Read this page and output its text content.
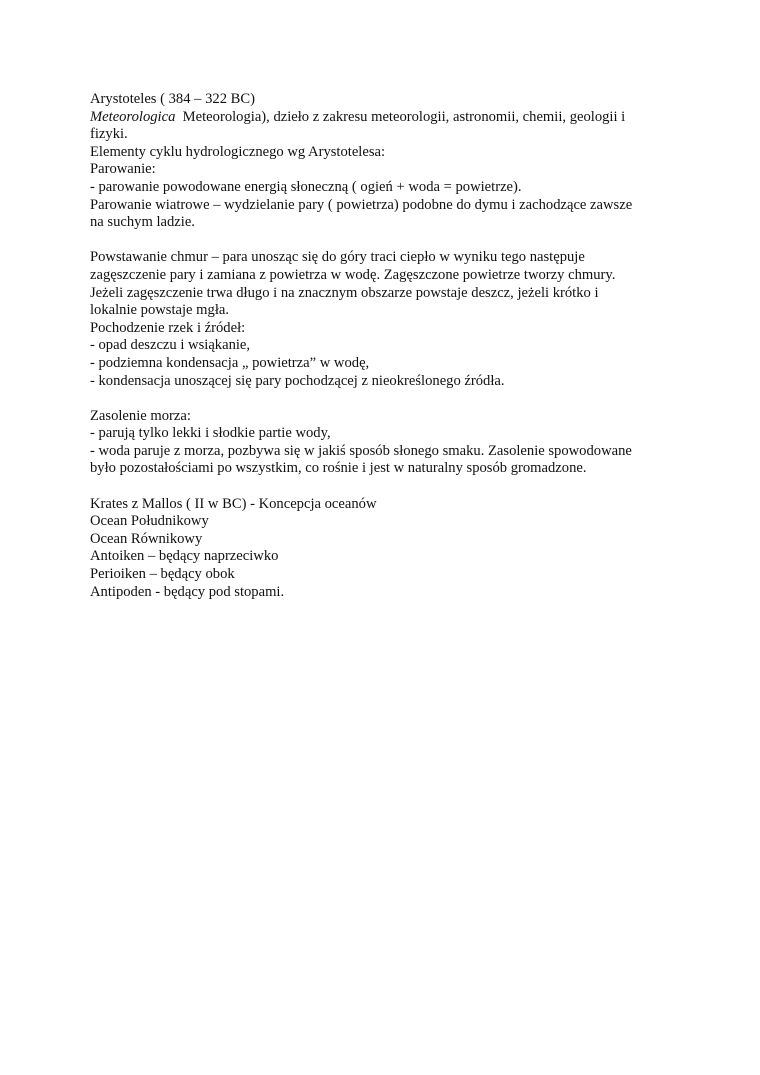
Arystoteles ( 384 – 322 BC)
Meteorologica  Meteorologia), dzieło z zakresu meteorologii, astronomii, chemii, geologii i
fizyki.
Elementy cyklu hydrologicznego wg Arystotelesa:
Parowanie:
- parowanie powodowane energią słoneczną ( ogień + woda = powietrze).
Parowanie wiatrowe – wydzielanie pary ( powietrza) podobne do dymu i zachodzące zawsze
na suchym ladzie.
Powstawanie chmur – para unosząc się do góry traci ciepło w wyniku tego następuje
zagęszczenie pary i zamiana z powietrza w wodę. Zagęszczone powietrze tworzy chmury.
Jeżeli zagęszczenie trwa długo i na znacznym obszarze powstaje deszcz, jeżeli krótko i
lokalnie powstaje mgła.
Pochodzenie rzek i źródeł:
- opad deszczu i wsiąkanie,
- podziemna kondensacja „ powietrza” w wodę,
- kondensacja unoszącej się pary pochodzącej z nieokreślonego źródła.
Zasolenie morza:
- parują tylko lekki i słodkie partie wody,
- woda paruje z morza, pozbywa się w jakiś sposób słonego smaku. Zasolenie spowodowane
było pozostałościami po wszystkim, co rośnie i jest w naturalny sposób gromadzone.
Krates z Mallos ( II w BC) - Koncepcja oceanów
Ocean Południkowy
Ocean Równikowy
Antoiken – będący naprzeciwko
Perioiken – będący obok
Antipoden - będący pod stopami.
